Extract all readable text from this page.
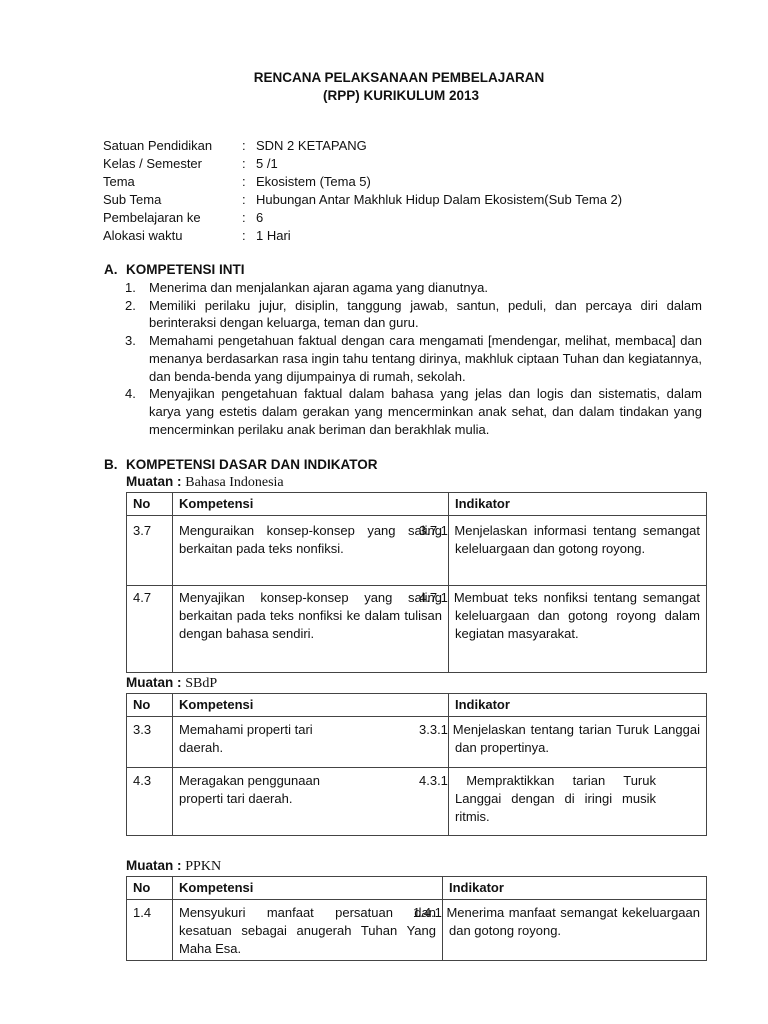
RENCANA PELAKSANAAN PEMBELAJARAN
(RPP) KURIKULUM 2013
Satuan Pendidikan	:	SDN 2 KETAPANG
Kelas / Semester	:	5 /1
Tema	:	Ekosistem (Tema 5)
Sub Tema	:	Hubungan Antar Makhluk Hidup Dalam Ekosistem(Sub Tema 2)
Pembelajaran ke	:	6
Alokasi waktu	:	1 Hari
A. KOMPETENSI INTI
1. Menerima dan menjalankan ajaran agama yang dianutnya.
2. Memiliki perilaku jujur, disiplin, tanggung jawab, santun, peduli, dan percaya diri dalam berinteraksi dengan keluarga, teman dan guru.
3. Memahami pengetahuan faktual dengan cara mengamati [mendengar, melihat, membaca] dan menanya berdasarkan rasa ingin tahu tentang dirinya, makhluk ciptaan Tuhan dan kegiatannya, dan benda-benda yang dijumpainya di rumah, sekolah.
4. Menyajikan pengetahuan faktual dalam bahasa yang jelas dan logis dan sistematis, dalam karya yang estetis dalam gerakan yang mencerminkan anak sehat, dan dalam tindakan yang mencerminkan perilaku anak beriman dan berakhlak mulia.
B. KOMPETENSI DASAR DAN INDIKATOR
Muatan : Bahasa Indonesia
No	Kompetensi	Indikator
3.7	Menguraikan konsep-konsep yang saling berkaitan pada teks nonfiksi.	3.7.1 Menjelaskan informasi tentang semangat keleluargaan dan gotong royong.
4.7	Menyajikan konsep-konsep yang saling berkaitan pada teks nonfiksi ke dalam tulisan dengan bahasa sendiri.	4.7.1 Membuat teks nonfiksi tentang semangat keleluargaan dan gotong royong dalam kegiatan masyarakat.
Muatan : SBdP
No	Kompetensi	Indikator
3.3	Memahami properti tari daerah.	3.3.1 Menjelaskan tentang tarian Turuk Langgai dan propertinya.
4.3	Meragakan penggunaan properti tari daerah.	4.3.1 Mempraktikkan tarian Turuk Langgai dengan di iringi musik ritmis.
Muatan : PPKN
No	Kompetensi	Indikator
1.4	Mensyukuri manfaat persatuan dan kesatuan sebagai anugerah Tuhan Yang Maha Esa.	1.4.1 Menerima manfaat semangat kekeluargaan dan gotong royong.
